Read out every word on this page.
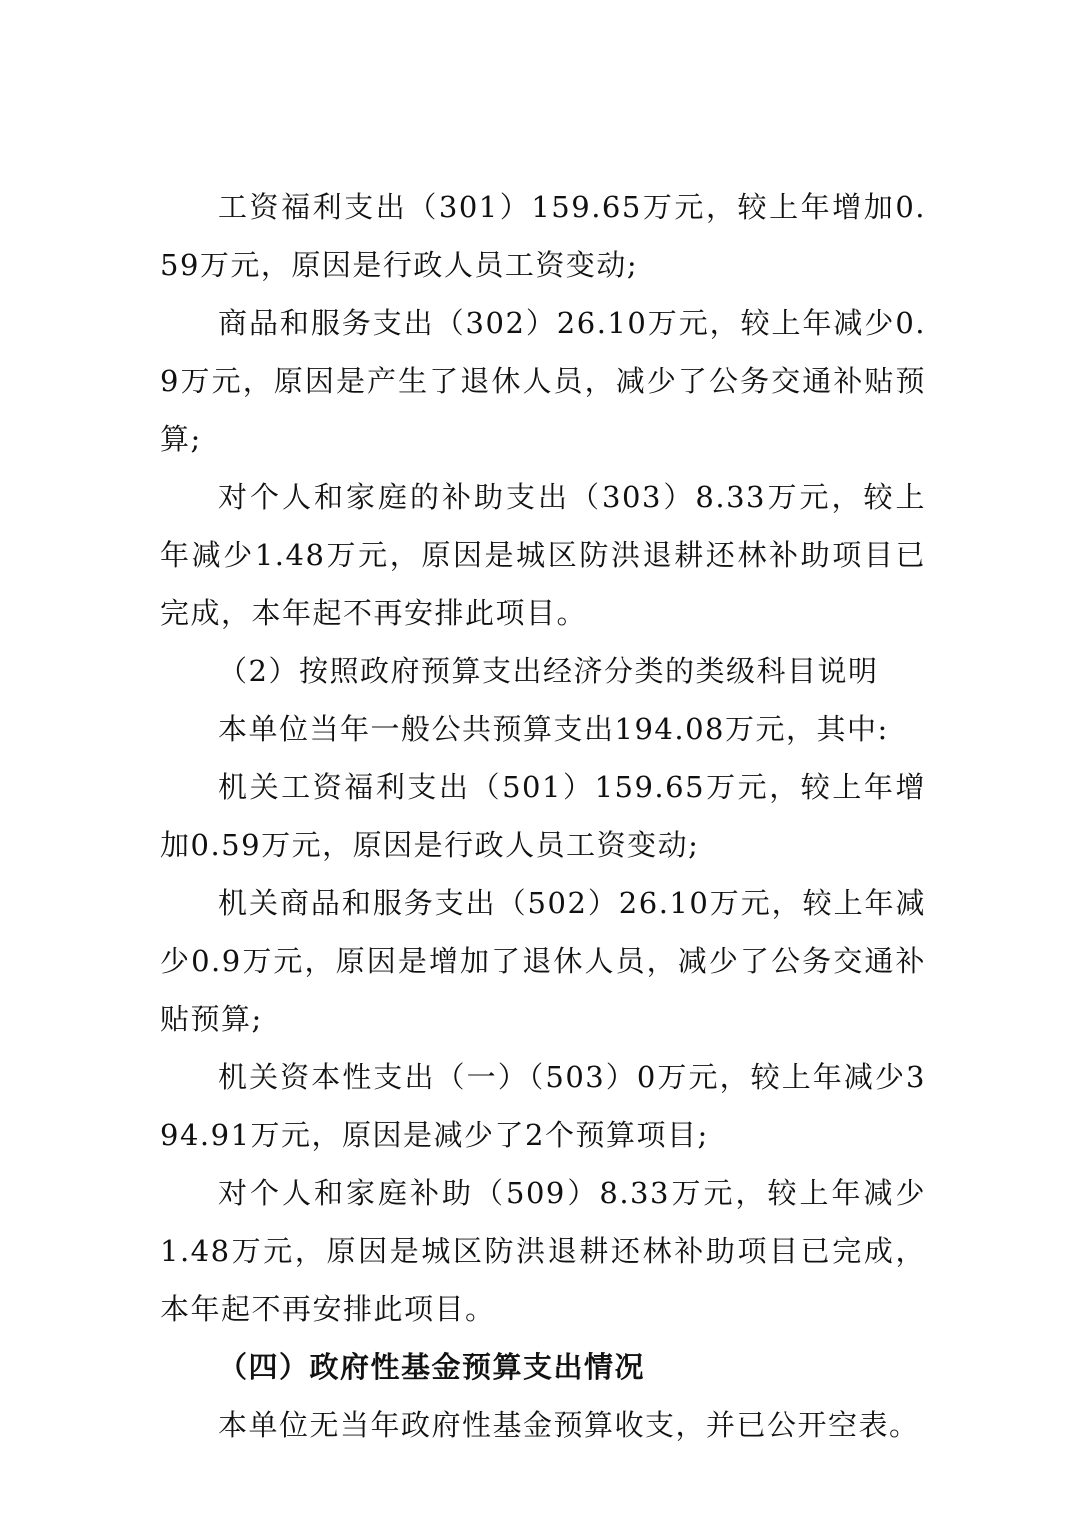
工资福利支出（301）159.65万元，较上年增加0.59万元，原因是行政人员工资变动;

商品和服务支出（302）26.10万元，较上年减少0.9万元，原因是产生了退休人员，减少了公务交通补贴预算;

对个人和家庭的补助支出（303）8.33万元，较上年减少1.48万元，原因是城区防洪退耕还林补助项目已完成，本年起不再安排此项目。

（2）按照政府预算支出经济分类的类级科目说明

本单位当年一般公共预算支出194.08万元，其中:

机关工资福利支出（501）159.65万元，较上年增加0.59万元，原因是行政人员工资变动;

机关商品和服务支出（502）26.10万元，较上年减少0.9万元，原因是增加了退休人员，减少了公务交通补贴预算;

机关资本性支出（一）（503）0万元，较上年减少394.91万元，原因是减少了2个预算项目;

对个人和家庭补助（509）8.33万元，较上年减少1.48万元，原因是城区防洪退耕还林补助项目已完成，本年起不再安排此项目。

（四）政府性基金预算支出情况

本单位无当年政府性基金预算收支，并已公开空表。
